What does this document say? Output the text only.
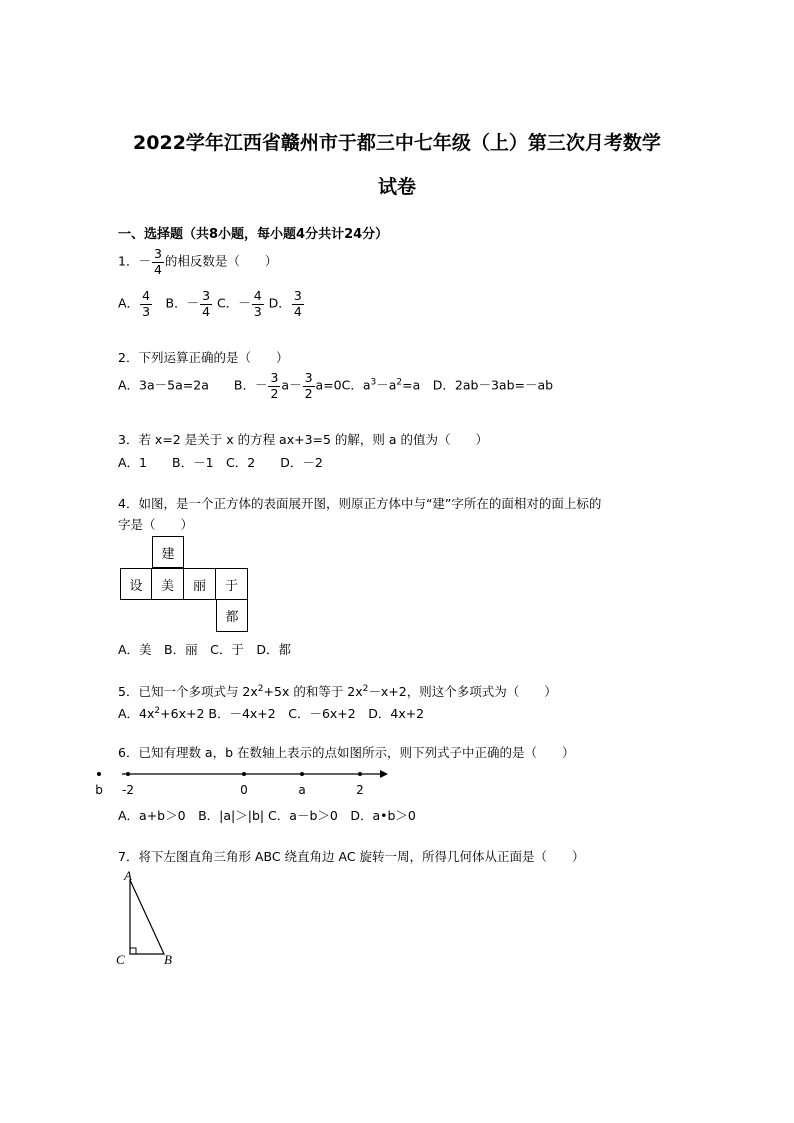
2022学年江西省赣州市于都三中七年级（上）第三次月考数学
试卷
一、选择题（共8小题，每小题4分共计24分）
1．－ $\frac{3}{4}$ 的相反数是（　　）
A． $\frac{4}{3}$ 　B．－ $\frac{3}{4}$ C．－ $\frac{4}{3}$ D． $\frac{3}{4}$
2．下列运算正确的是（　　）
A．3a－5a=2a　　B．－ $\frac{3}{2} a- \frac{3}{2} a=0C$．$a^3-a^2=a$　D．2ab－3ab=－ab
3．若 x=2 是关于 x 的方程 ax+3=5 的解，则 a 的值为（　　）
A．1　　B．－1　C．2　　D．－2
4．如图，是一个正方体的表面展开图，则原正方体中与“建”字所在的面相对的面上标的
字是（　　）
建
设	美	丽	于
都
A．美　B．丽　C．于　D．都
5．已知一个多项式与 $2x^2+5x$ 的和等于 $2x^2-x+2$，则这个多项式为（　　）
A．$4x^2+6x+2$ B．－4x+2　C．－6x+2　D．4x+2
6．已知有理数 a，b 在数轴上表示的点如图所示，则下列式子中正确的是（　　）
b -2	0	a	2
A．a+b＞0　B．|a|＞|b| C．a－b＞0　D．a•b＞0
7．将下左图直角三角形 ABC 绕直角边 AC 旋转一周，所得几何体从正面是（　　）
A
C	B
